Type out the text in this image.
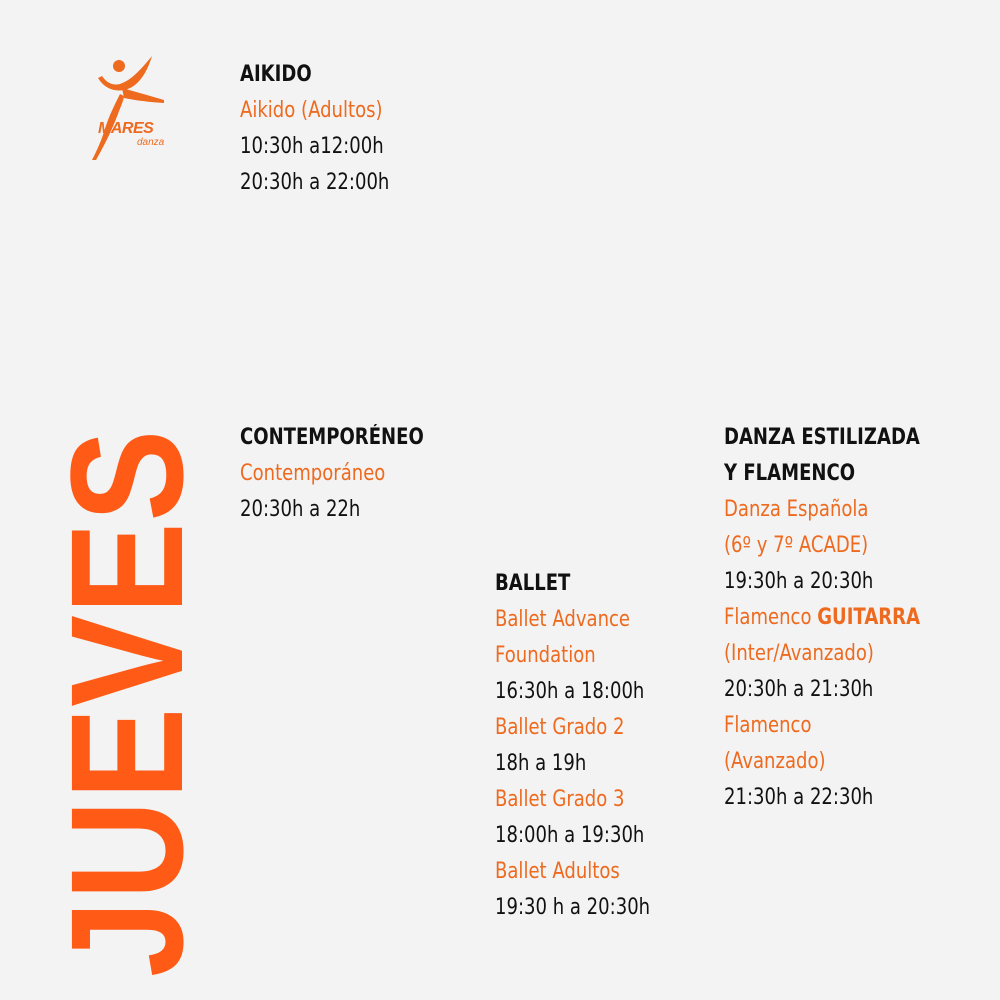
MARES
danza
JUEVES
AIKIDO
Aikido (Adultos)
10:30h a12:00h
20:30h a 22:00h
CONTEMPORÉNEO
Contemporáneo
20:30h a 22h
BALLET
Ballet Advance
Foundation
16:30h a 18:00h
Ballet Grado 2
18h a 19h
Ballet Grado 3
18:00h a 19:30h
Ballet Adultos
19:30 h a 20:30h
DANZA ESTILIZADA
Y FLAMENCO
Danza Española
(6º y 7º ACADE)
19:30h a 20:30h
Flamenco GUITARRA
(Inter/Avanzado)
20:30h a 21:30h
Flamenco
(Avanzado)
21:30h a 22:30h
